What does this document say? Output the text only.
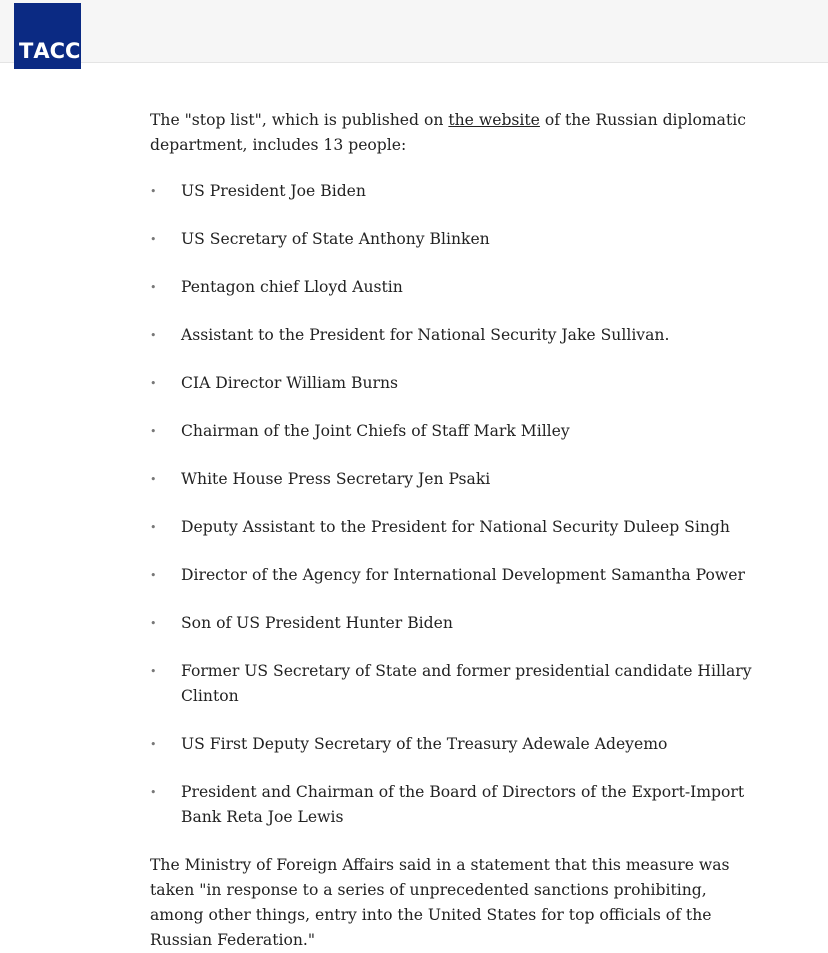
ТАСС

The "stop list", which is published on the website of the Russian diplomatic department, includes 13 people:

• US President Joe Biden
• US Secretary of State Anthony Blinken
• Pentagon chief Lloyd Austin
• Assistant to the President for National Security Jake Sullivan.
• CIA Director William Burns
• Chairman of the Joint Chiefs of Staff Mark Milley
• White House Press Secretary Jen Psaki
• Deputy Assistant to the President for National Security Duleep Singh
• Director of the Agency for International Development Samantha Power
• Son of US President Hunter Biden
• Former US Secretary of State and former presidential candidate Hillary Clinton
• US First Deputy Secretary of the Treasury Adewale Adeyemo
• President and Chairman of the Board of Directors of the Export-Import Bank Reta Joe Lewis

The Ministry of Foreign Affairs said in a statement that this measure was taken "in response to a series of unprecedented sanctions prohibiting, among other things, entry into the United States for top officials of the Russian Federation."
